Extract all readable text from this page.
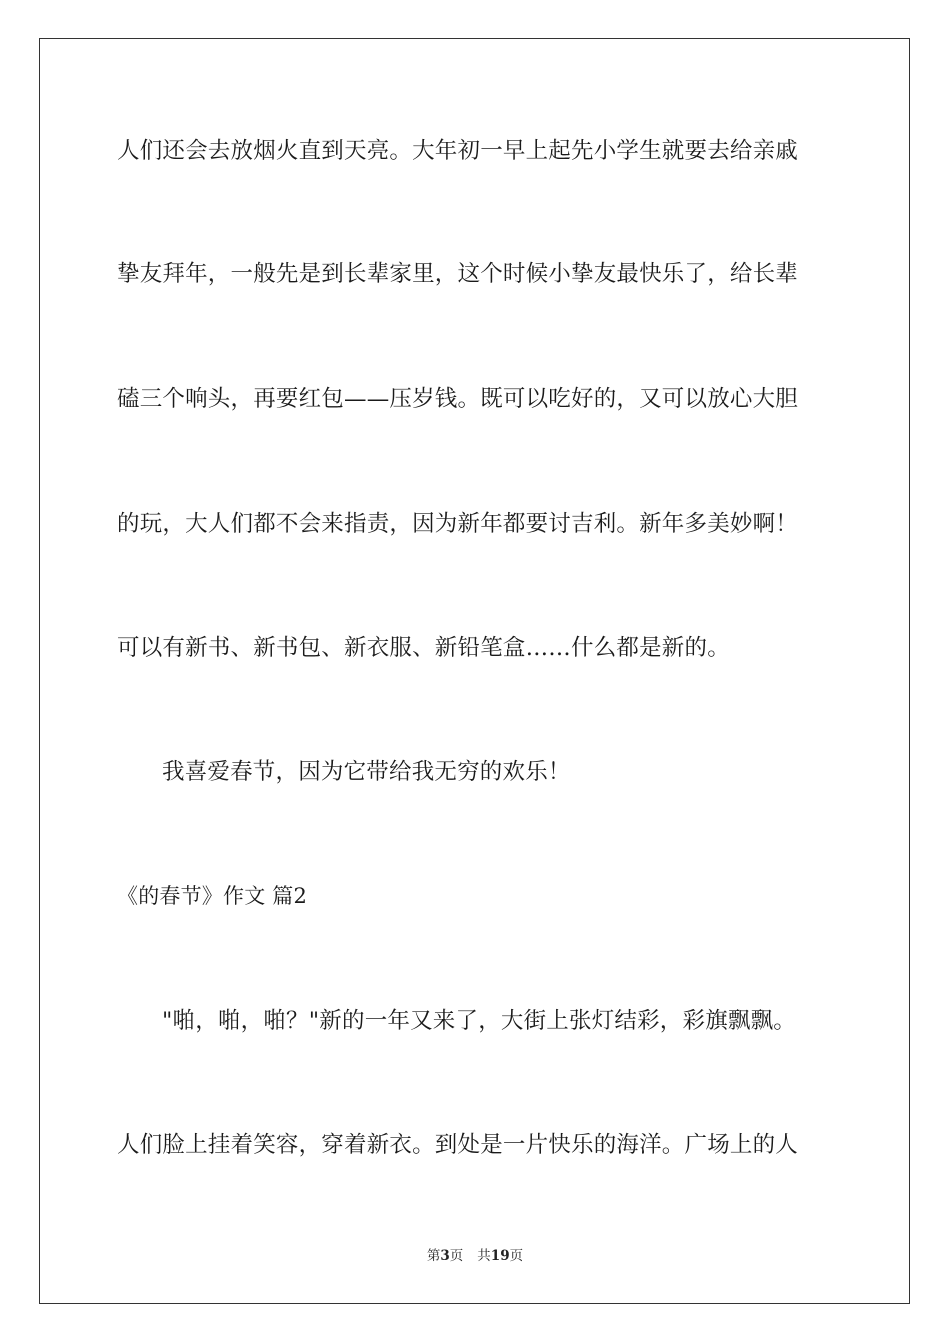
人们还会去放烟火直到天亮。大年初一早上起先小学生就要去给亲戚
挚友拜年，一般先是到长辈家里，这个时候小挚友最快乐了，给长辈
磕三个响头，再要红包——压岁钱。既可以吃好的，又可以放心大胆
的玩，大人们都不会来指责，因为新年都要讨吉利。新年多美妙啊！
可以有新书、新书包、新衣服、新铅笔盒……什么都是新的。
我喜爱春节，因为它带给我无穷的欢乐！
《的春节》作文 篇2
"啪，啪，啪？"新的一年又来了，大街上张灯结彩，彩旗飘飘。
人们脸上挂着笑容，穿着新衣。到处是一片快乐的海洋。广场上的人
第3页 共19页
